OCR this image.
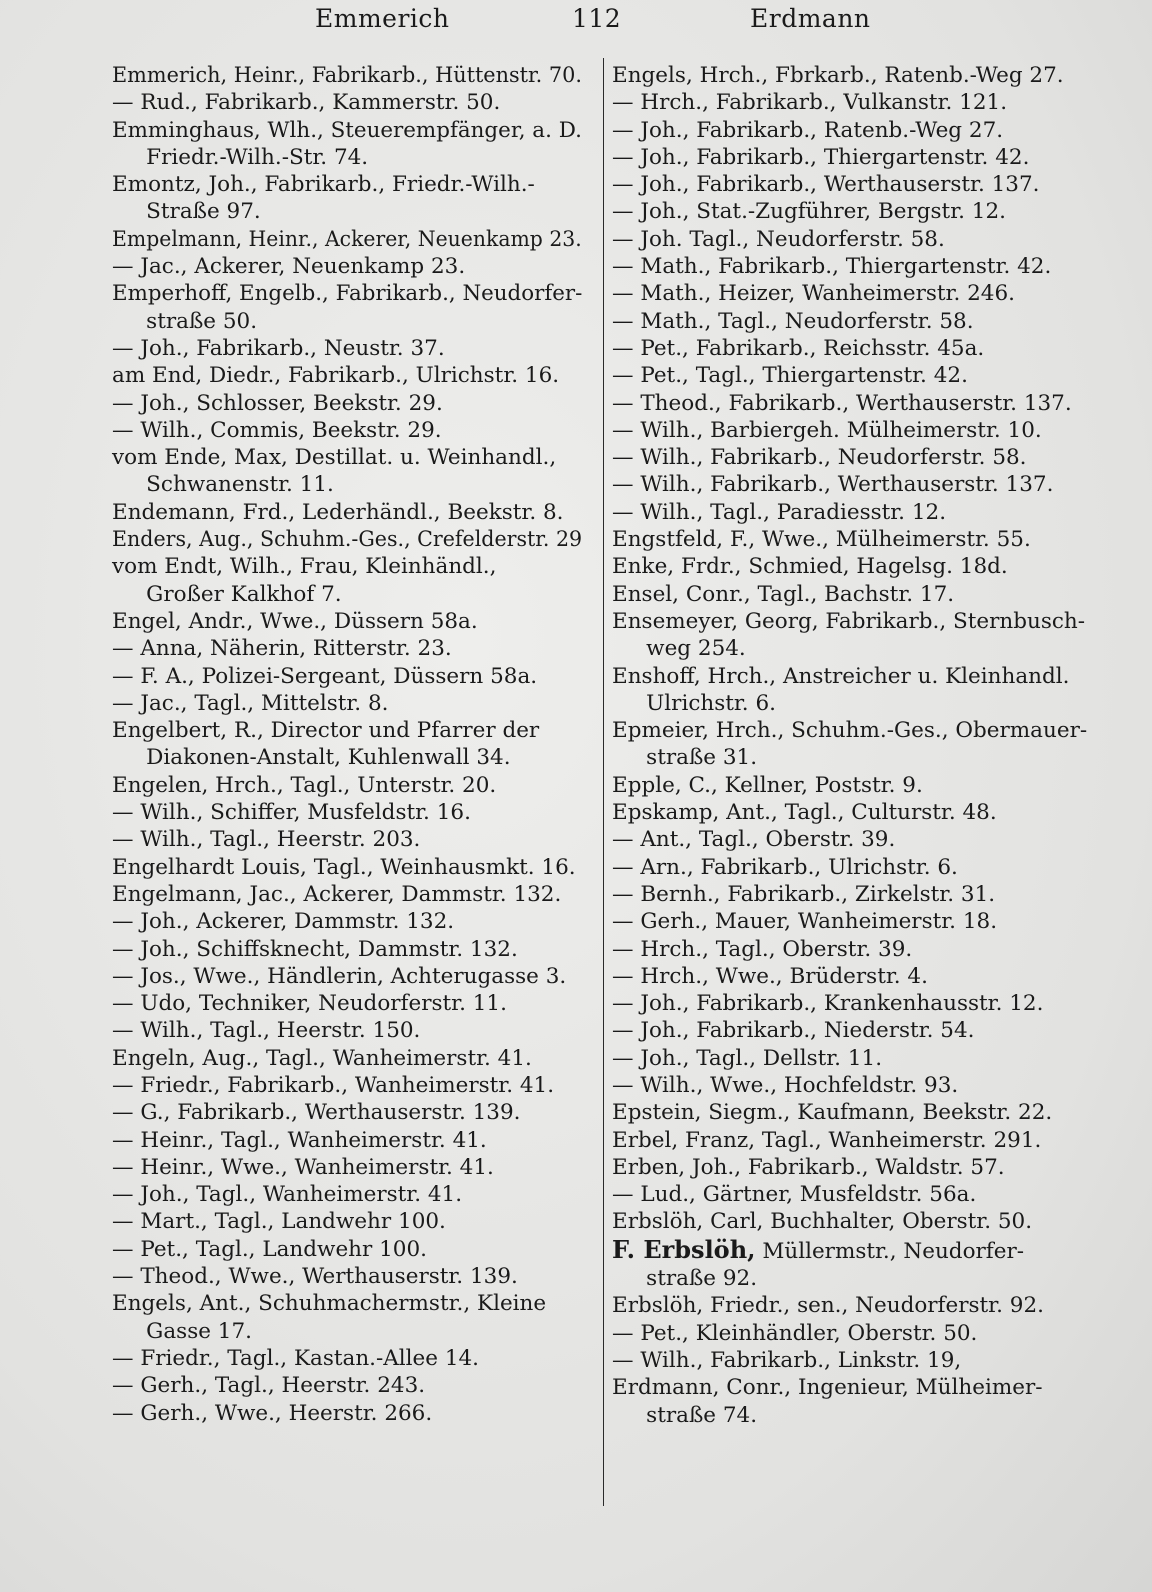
Emmerich	112	Erdmann
Emmerich, Heinr., Fabrikarb., Hüttenstr. 70.
— Rud., Fabrikarb., Kammerstr. 50.
Emminghaus, Wlh., Steuerempfänger, a. D.
Friedr.-Wilh.-Str. 74.
Emontz, Joh., Fabrikarb., Friedr.-Wilh.-
Straße 97.
Empelmann, Heinr., Ackerer, Neuenkamp 23.
— Jac., Ackerer, Neuenkamp 23.
Emperhoff, Engelb., Fabrikarb., Neudorfer-
straße 50.
— Joh., Fabrikarb., Neustr. 37.
am End, Diedr., Fabrikarb., Ulrichstr. 16.
— Joh., Schlosser, Beekstr. 29.
— Wilh., Commis, Beekstr. 29.
vom Ende, Max, Destillat. u. Weinhandl.,
Schwanenstr. 11.
Endemann, Frd., Lederhändl., Beekstr. 8.
Enders, Aug., Schuhm.-Ges., Crefelderstr. 29
vom Endt, Wilh., Frau, Kleinhändl.,
Großer Kalkhof 7.
Engel, Andr., Wwe., Düssern 58a.
— Anna, Näherin, Ritterstr. 23.
— F. A., Polizei-Sergeant, Düssern 58a.
— Jac., Tagl., Mittelstr. 8.
Engelbert, R., Director und Pfarrer der
Diakonen-Anstalt, Kuhlenwall 34.
Engelen, Hrch., Tagl., Unterstr. 20.
— Wilh., Schiffer, Musfeldstr. 16.
— Wilh., Tagl., Heerstr. 203.
Engelhardt Louis, Tagl., Weinhausmkt. 16.
Engelmann, Jac., Ackerer, Dammstr. 132.
— Joh., Ackerer, Dammstr. 132.
— Joh., Schiffsknecht, Dammstr. 132.
— Jos., Wwe., Händlerin, Achterugasse 3.
— Udo, Techniker, Neudorferstr. 11.
— Wilh., Tagl., Heerstr. 150.
Engeln, Aug., Tagl., Wanheimerstr. 41.
— Friedr., Fabrikarb., Wanheimerstr. 41.
— G., Fabrikarb., Werthauserstr. 139.
— Heinr., Tagl., Wanheimerstr. 41.
— Heinr., Wwe., Wanheimerstr. 41.
— Joh., Tagl., Wanheimerstr. 41.
— Mart., Tagl., Landwehr 100.
— Pet., Tagl., Landwehr 100.
— Theod., Wwe., Werthauserstr. 139.
Engels, Ant., Schuhmachermstr., Kleine
Gasse 17.
— Friedr., Tagl., Kastan.-Allee 14.
— Gerh., Tagl., Heerstr. 243.
— Gerh., Wwe., Heerstr. 266.
Engels, Hrch., Fbrkarb., Ratenb.-Weg 27.
— Hrch., Fabrikarb., Vulkanstr. 121.
— Joh., Fabrikarb., Ratenb.-Weg 27.
— Joh., Fabrikarb., Thiergartenstr. 42.
— Joh., Fabrikarb., Werthauserstr. 137.
— Joh., Stat.-Zugführer, Bergstr. 12.
— Joh. Tagl., Neudorferstr. 58.
— Math., Fabrikarb., Thiergartenstr. 42.
— Math., Heizer, Wanheimerstr. 246.
— Math., Tagl., Neudorferstr. 58.
— Pet., Fabrikarb., Reichsstr. 45a.
— Pet., Tagl., Thiergartenstr. 42.
— Theod., Fabrikarb., Werthauserstr. 137.
— Wilh., Barbiergeh. Mülheimerstr. 10.
— Wilh., Fabrikarb., Neudorferstr. 58.
— Wilh., Fabrikarb., Werthauserstr. 137.
— Wilh., Tagl., Paradiesstr. 12.
Engstfeld, F., Wwe., Mülheimerstr. 55.
Enke, Frdr., Schmied, Hagelsg. 18d.
Ensel, Conr., Tagl., Bachstr. 17.
Ensemeyer, Georg, Fabrikarb., Sternbusch-
weg 254.
Enshoff, Hrch., Anstreicher u. Kleinhandl.
Ulrichstr. 6.
Epmeier, Hrch., Schuhm.-Ges., Obermauer-
straße 31.
Epple, C., Kellner, Poststr. 9.
Epskamp, Ant., Tagl., Culturstr. 48.
— Ant., Tagl., Oberstr. 39.
— Arn., Fabrikarb., Ulrichstr. 6.
— Bernh., Fabrikarb., Zirkelstr. 31.
— Gerh., Mauer, Wanheimerstr. 18.
— Hrch., Tagl., Oberstr. 39.
— Hrch., Wwe., Brüderstr. 4.
— Joh., Fabrikarb., Krankenhausstr. 12.
— Joh., Fabrikarb., Niederstr. 54.
— Joh., Tagl., Dellstr. 11.
— Wilh., Wwe., Hochfeldstr. 93.
Epstein, Siegm., Kaufmann, Beekstr. 22.
Erbel, Franz, Tagl., Wanheimerstr. 291.
Erben, Joh., Fabrikarb., Waldstr. 57.
— Lud., Gärtner, Musfeldstr. 56a.
Erbslöh, Carl, Buchhalter, Oberstr. 50.
F. Erbslöh, Müllermstr., Neudorfer-
straße 92.
Erbslöh, Friedr., sen., Neudorferstr. 92.
— Pet., Kleinhändler, Oberstr. 50.
— Wilh., Fabrikarb., Linkstr. 19,
Erdmann, Conr., Ingenieur, Mülheimer-
straße 74.
